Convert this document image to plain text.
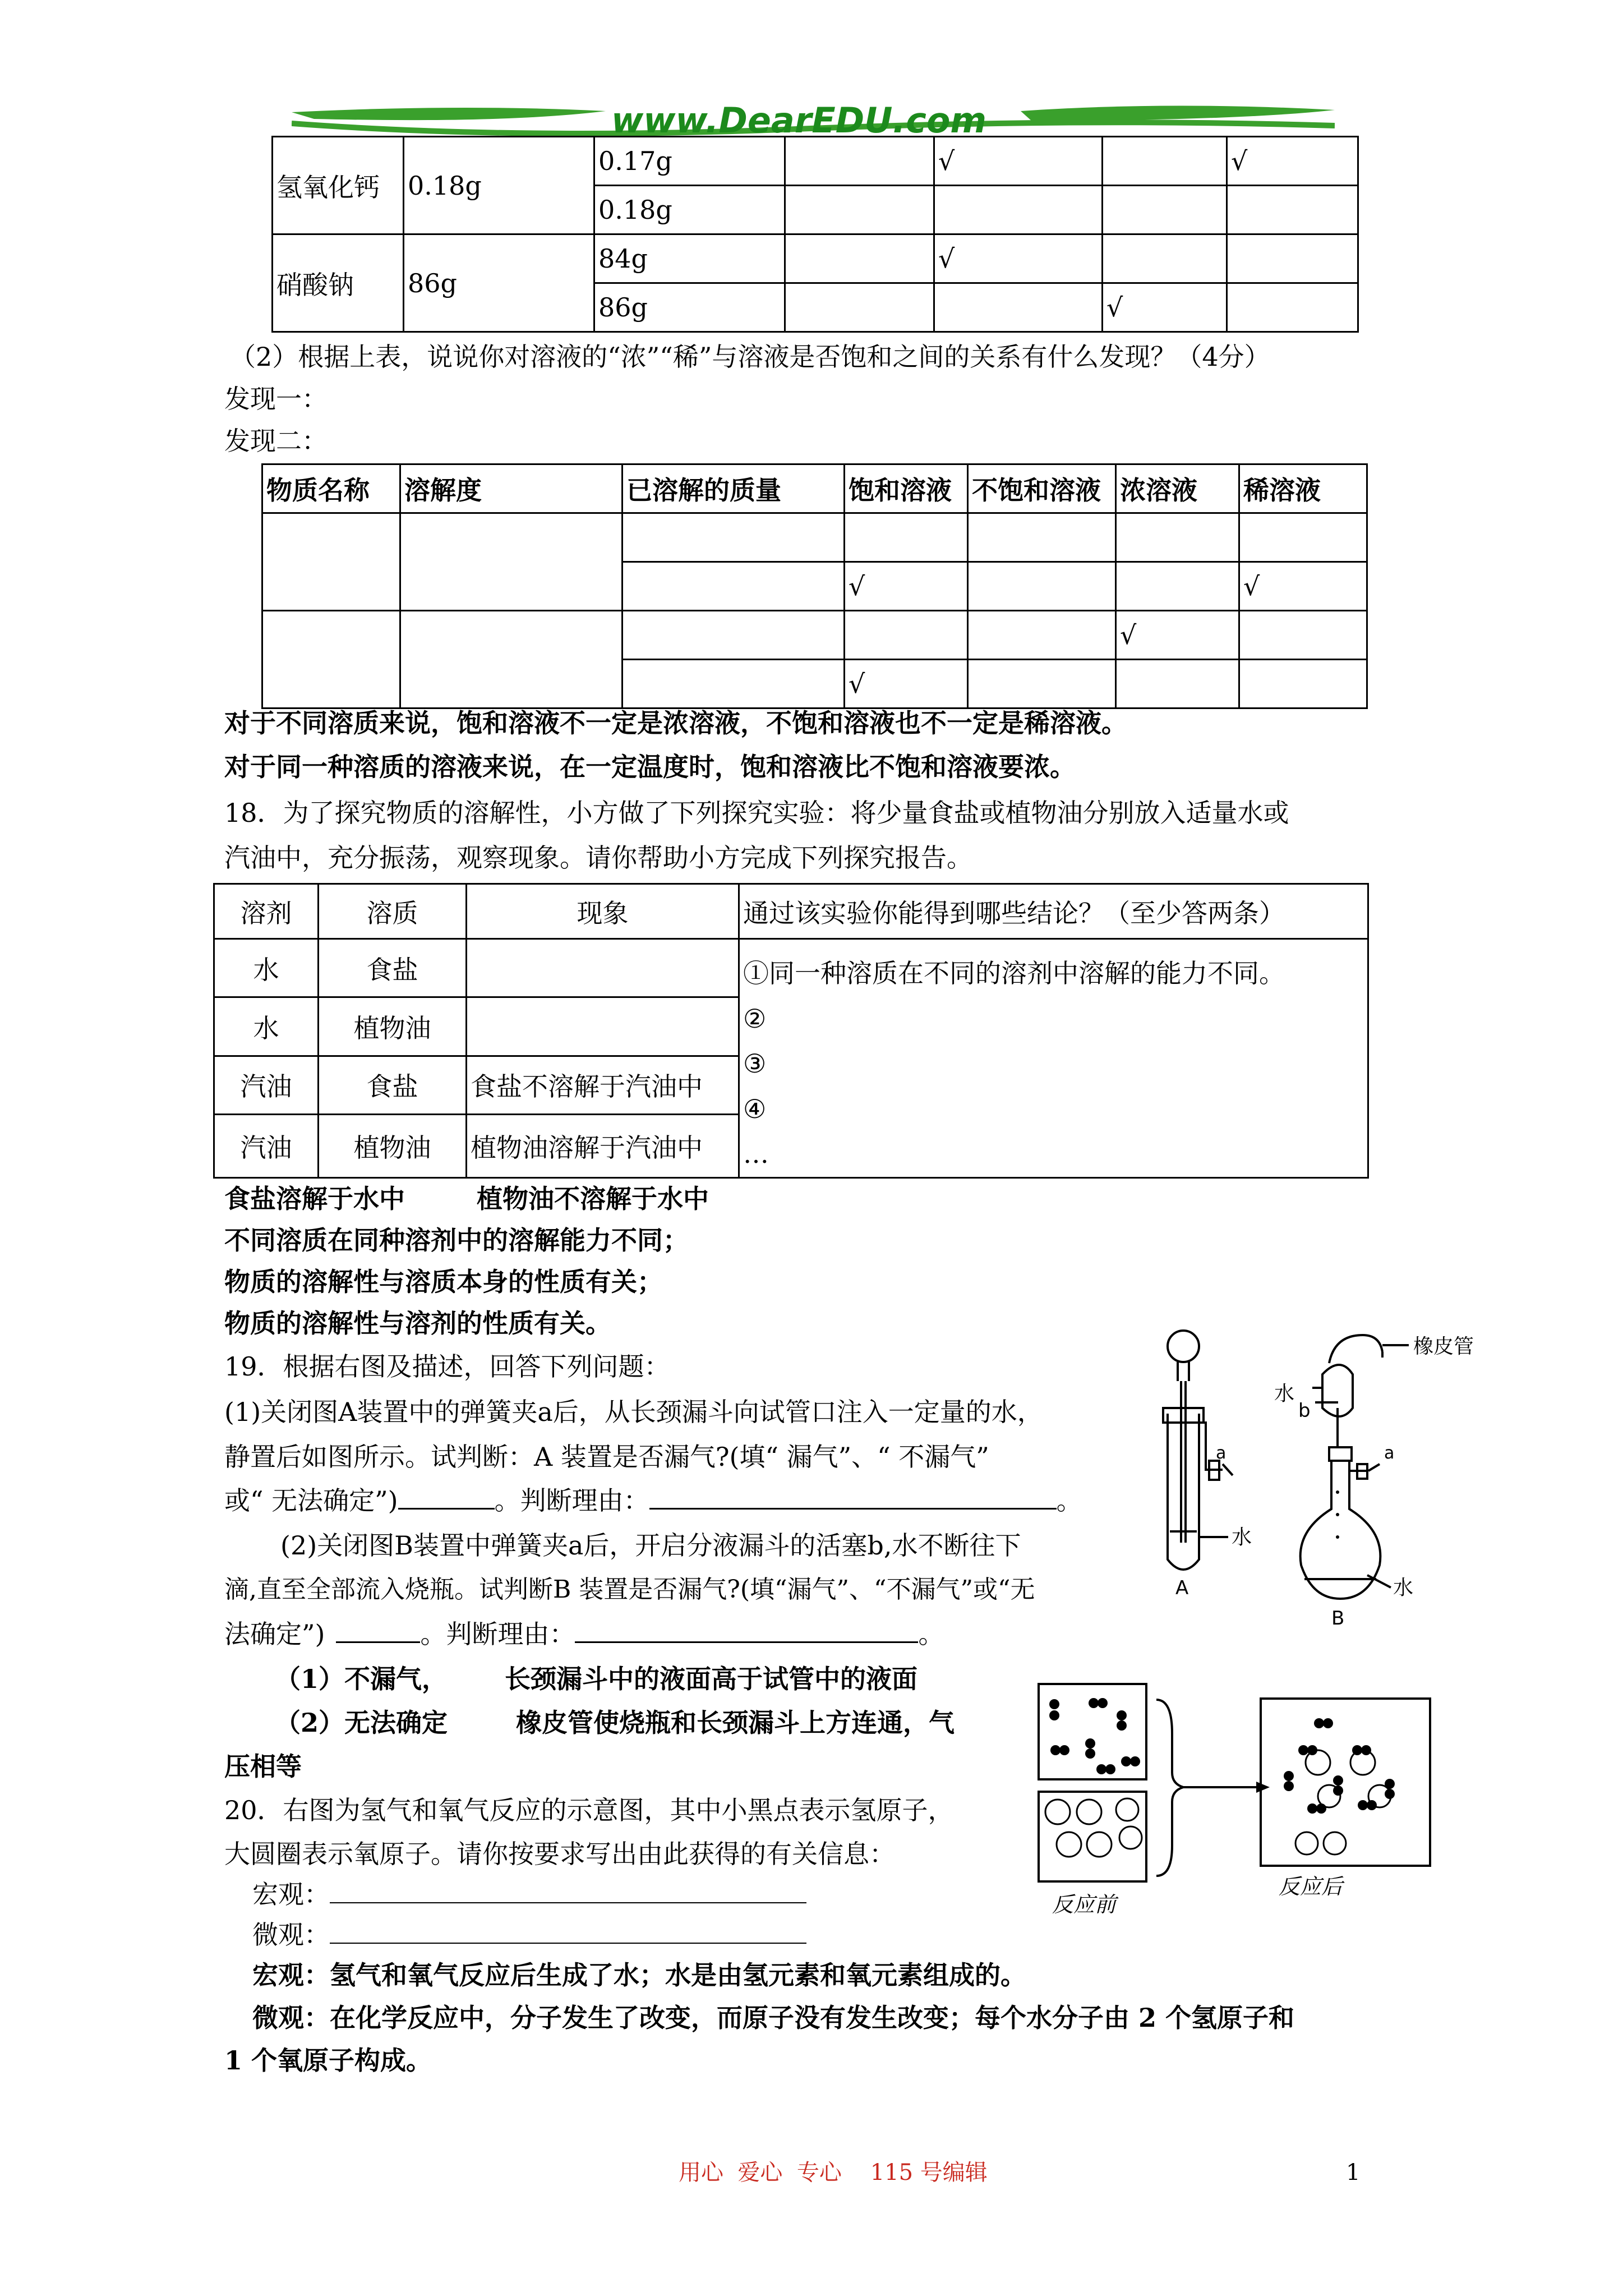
www.DearEDU.com
氢氧化钙	0.18g	0.17g		√		√
		0.18g				
硝酸钠	86g	84g		√		
		86g			√	
（2）根据上表，说说你对溶液的“浓”“稀”与溶液是否饱和之间的关系有什么发现？（4分）
发现一：
发现二：
物质名称	溶解度	已溶解的质量	饱和溶液	不饱和溶液	浓溶液	稀溶液

			√			√
					√	
			√			
对于不同溶质来说，饱和溶液不一定是浓溶液，不饱和溶液也不一定是稀溶液。
对于同一种溶质的溶液来说，在一定温度时，饱和溶液比不饱和溶液要浓。
18．为了探究物质的溶解性，小方做了下列探究实验：将少量食盐或植物油分别放入适量水或
汽油中，充分振荡，观察现象。请你帮助小方完成下列探究报告。
溶剂	溶质	现象	通过该实验你能得到哪些结论？（至少答两条）
水	食盐		①同一种溶质在不同的溶剂中溶解的能力不同。
②
③
④
…

水	植物油		
汽油	食盐	食盐不溶解于汽油中	
汽油	植物油	植物油溶解于汽油中	
食盐溶解于水中	植物油不溶解于水中
不同溶质在同种溶剂中的溶解能力不同；
物质的溶解性与溶质本身的性质有关；
物质的溶解性与溶剂的性质有关。
19．根据右图及描述，回答下列问题：
(1)关闭图A装置中的弹簧夹a后，从长颈漏斗向试管口注入一定量的水，
静置后如图所示。试判断：A 装置是否漏气?(填“ 漏气”、“ 不漏气”
或“ 无法确定”)	。判断理由：	。
(2)关闭图B装置中弹簧夹a后，开启分液漏斗的活塞b,水不断往下
滴,直至全部流入烧瓶。试判断B 装置是否漏气?(填“漏气”、“不漏气”或“无
法确定”)	。判断理由：	。
（1）不漏气， 长颈漏斗中的液面高于试管中的液面
（2）无法确定	橡皮管使烧瓶和长颈漏斗上方连通，气
压相等
橡皮管
水
b
a	a
水
水
A
B
20．右图为氢气和氧气反应的示意图，其中小黑点表示氢原子，
大圆圈表示氧原子。请你按要求写出由此获得的有关信息：
宏观：
微观：
宏观：氢气和氧气反应后生成了水；水是由氢元素和氧元素组成的。
微观：在化学反应中，分子发生了改变，而原子没有发生改变；每个水分子由 2 个氢原子和
1 个氧原子构成。
反应前
反应后
用心  爱心  专心    115 号编辑	1
